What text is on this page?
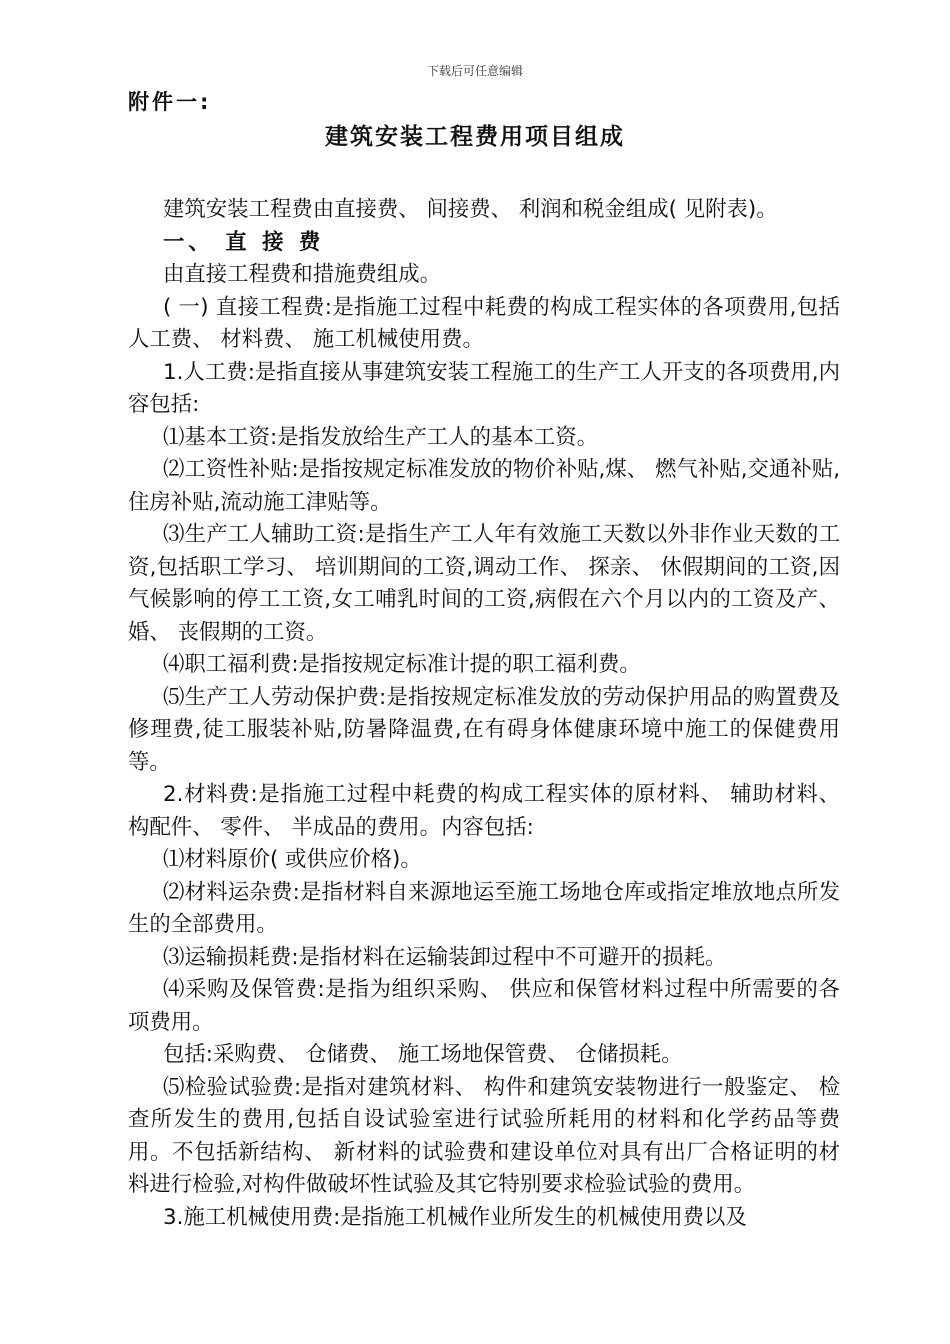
下载后可任意编辑
附件一:
建筑安装工程费用项目组成

建筑安装工程费由直接费、 间接费、 利润和税金组成( 见附表)。

一、 直 接 费

由直接工程费和措施费组成。

( 一) 直接工程费:是指施工过程中耗费的构成工程实体的各项费用,包括人工费、 材料费、 施工机械使用费。

1.人工费:是指直接从事建筑安装工程施工的生产工人开支的各项费用,内容包括:

⑴基本工资:是指发放给生产工人的基本工资。

⑵工资性补贴:是指按规定标准发放的物价补贴,煤、 燃气补贴,交通补贴,住房补贴,流动施工津贴等。

⑶生产工人辅助工资:是指生产工人年有效施工天数以外非作业天数的工资,包括职工学习、 培训期间的工资,调动工作、 探亲、 休假期间的工资,因气候影响的停工工资,女工哺乳时间的工资,病假在六个月以内的工资及产、 婚、 丧假期的工资。

⑷职工福利费:是指按规定标准计提的职工福利费。

⑸生产工人劳动保护费:是指按规定标准发放的劳动保护用品的购置费及修理费,徒工服装补贴,防暑降温费,在有碍身体健康环境中施工的保健费用等。

2.材料费:是指施工过程中耗费的构成工程实体的原材料、 辅助材料、 构配件、 零件、 半成品的费用。内容包括:

⑴材料原价( 或供应价格)。

⑵材料运杂费:是指材料自来源地运至施工场地仓库或指定堆放地点所发生的全部费用。

⑶运输损耗费:是指材料在运输装卸过程中不可避开的损耗。

⑷采购及保管费:是指为组织采购、 供应和保管材料过程中所需要的各项费用。

包括:采购费、 仓储费、 施工场地保管费、 仓储损耗。

⑸检验试验费:是指对建筑材料、 构件和建筑安装物进行一般鉴定、 检查所发生的费用,包括自设试验室进行试验所耗用的材料和化学药品等费用。不包括新结构、 新材料的试验费和建设单位对具有出厂合格证明的材料进行检验,对构件做破坏性试验及其它特别要求检验试验的费用。

3.施工机械使用费:是指施工机械作业所发生的机械使用费以及
